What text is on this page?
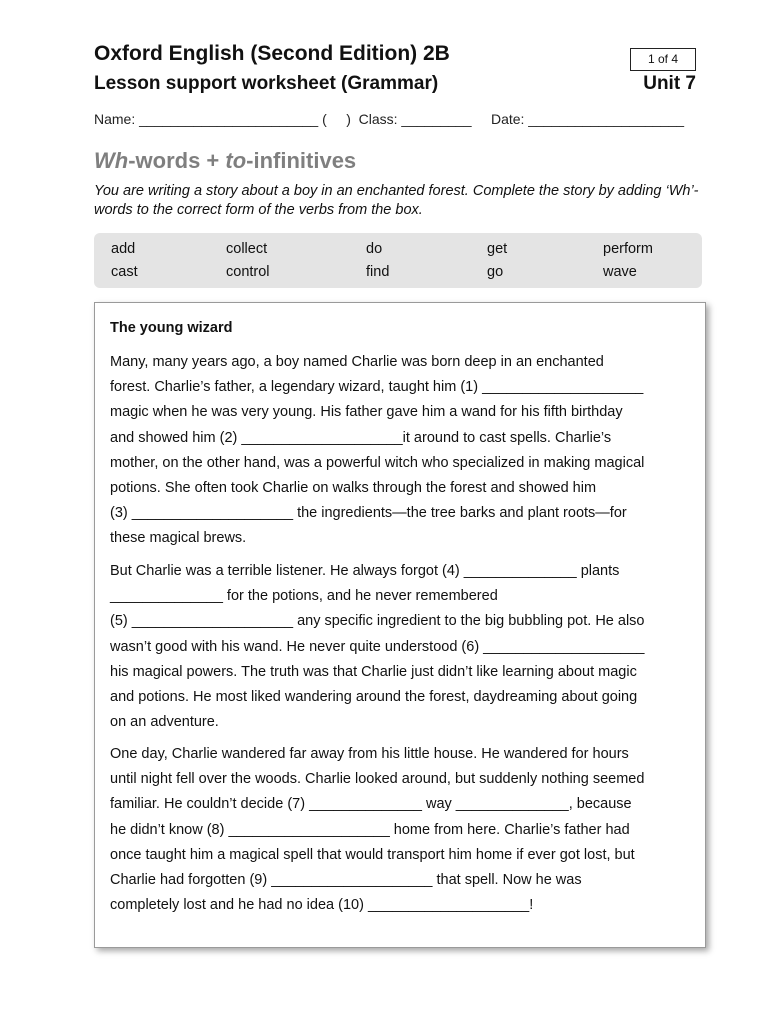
Oxford English (Second Edition) 2B
Lesson support worksheet (Grammar)
1 of 4
Unit 7
Name: _______________________ (     )  Class: _________     Date: ____________________
Wh-words + to-infinitives
You are writing a story about a boy in an enchanted forest. Complete the story by adding ‘Wh’-words to the correct form of the verbs from the box.
add	collect	do	get	perform
cast	control	find	go	wave
The young wizard
Many, many years ago, a boy named Charlie was born deep in an enchanted
forest. Charlie’s father, a legendary wizard, taught him (1) ____________________
magic when he was very young. His father gave him a wand for his fifth birthday
and showed him (2) ____________________it around to cast spells. Charlie’s
mother, on the other hand, was a powerful witch who specialized in making magical
potions. She often took Charlie on walks through the forest and showed him
(3) ____________________ the ingredients—the tree barks and plant roots—for
these magical brews.
But Charlie was a terrible listener. He always forgot (4) ______________ plants
______________ for the potions, and he never remembered
(5) ____________________ any specific ingredient to the big bubbling pot. He also
wasn’t good with his wand. He never quite understood (6) ____________________
his magical powers. The truth was that Charlie just didn’t like learning about magic
and potions. He most liked wandering around the forest, daydreaming about going
on an adventure.
One day, Charlie wandered far away from his little house. He wandered for hours
until night fell over the woods. Charlie looked around, but suddenly nothing seemed
familiar. He couldn’t decide (7) ______________ way ______________, because
he didn’t know (8) ____________________ home from here. Charlie’s father had
once taught him a magical spell that would transport him home if ever got lost, but
Charlie had forgotten (9) ____________________ that spell. Now he was
completely lost and he had no idea (10) ____________________!
